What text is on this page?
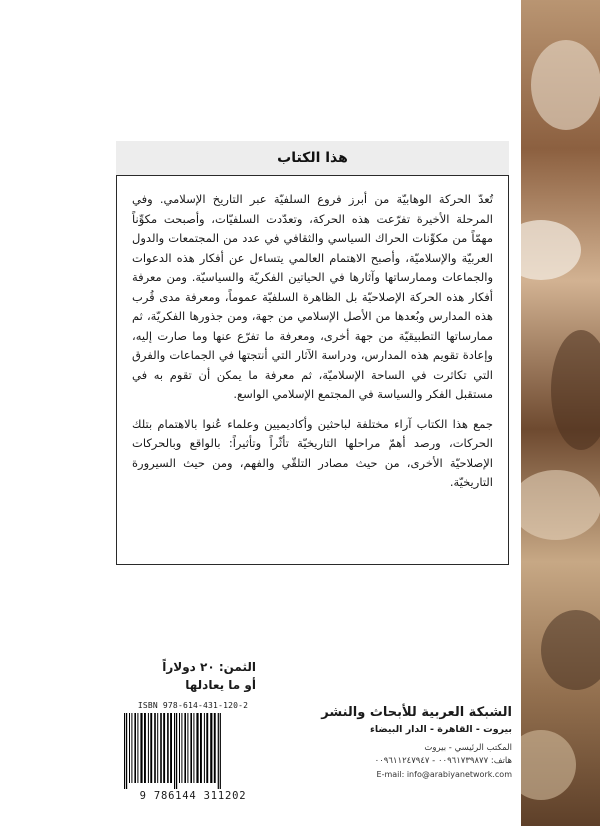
هذا الكتاب

تُعدّ الحركة الوهابيّة من أبرز فروع السلفيّة عبر التاريخ الإسلامي. وفي المرحلة الأخيرة تفرّعت هذه الحركة، وتعدّدت السلفيّات، وأصبحت مكوِّناً مهمّاً من مكوِّنات الحراك السياسي والثقافي في عدد من المجتمعات والدول العربيّة والإسلاميّة، وأصبح الاهتمام العالمي يتساءل عن أفكار هذه الدعوات والجماعات وممارساتها وآثارها في الحياتين الفكريّة والسياسيّة. ومن معرفة أفكار هذه الحركة الإصلاحيّة بل الظاهرة السلفيّة عموماً، ومعرفة مدى قُرب هذه المدارس وبُعدها من الأصل الإسلامي من جهة، ومن جذورها الفكريّة، ثم ممارساتها التطبيقيّة من جهة أخرى، ومعرفة ما تفرّع عنها وما صارت إليه، وإعادة تقويم هذه المدارس، ودراسة الآثار التي أنتجتها في الجماعات والفرق التي تكاثرت في الساحة الإسلاميّة، ثم معرفة ما يمكن أن تقوم به في مستقبل الفكر والسياسة في المجتمع الإسلامي الواسع.

جمع هذا الكتاب آراء مختلفة لباحثين وأكاديميين وعلماء عُنوا بالاهتمام بتلك الحركات، ورصد أهمّ مراحلها التاريخيّة تأثّراً وتأثيراً: بالواقع وبالحركات الإصلاحيّة الأخرى، من حيث مصادر التلقّي والفهم، ومن حيث السيرورة التاريخيّة.

الثمن: ٢٠ دولاراً
أو ما يعادلها
ISBN 978-614-431-120-2
9 786144 311202
الشبكة العربية للأبحاث والنشر
بيروت - القاهرة - الدار البيضاء
المكتب الرئيسي - بيروت
هاتف: ٠٠٩٦١٧٣٩٨٧٧ - ٠٠٩٦١١٢٤٧٩٤٧
E-mail: info@arabiyanetwork.com
